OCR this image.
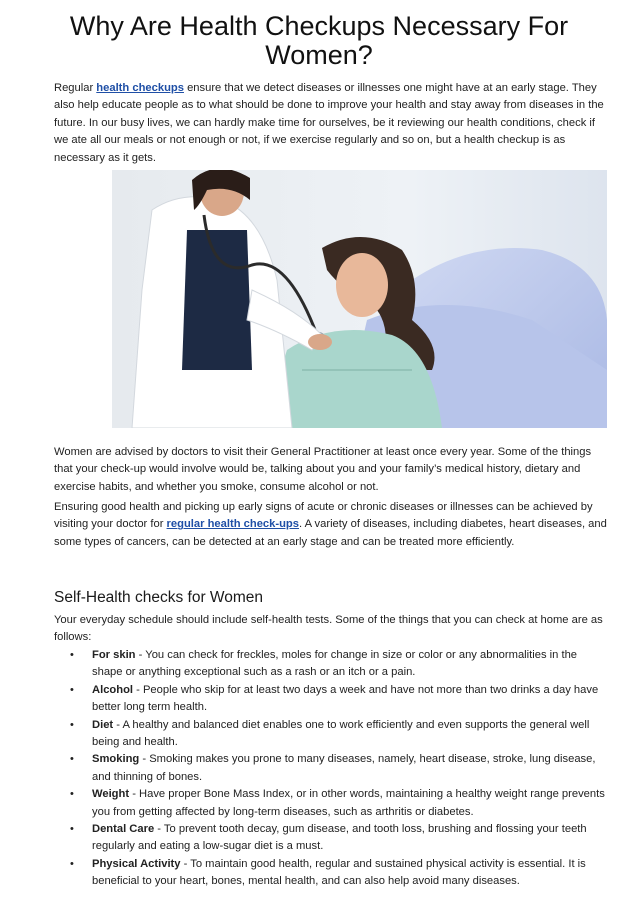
Why Are Health Checkups Necessary For Women?

Regular health checkups ensure that we detect diseases or illnesses one might have at an early stage. They also help educate people as to what should be done to improve your health and stay away from diseases in the future. In our busy lives, we can hardly make time for ourselves, be it reviewing our health conditions, check if we ate all our meals or not enough or not, if we exercise regularly and so on, but a health checkup is as necessary as it gets.

Women are advised by doctors to visit their General Practitioner at least once every year. Some of the things that your check-up would involve would be, talking about you and your family’s medical history, dietary and exercise habits, and whether you smoke, consume alcohol or not.

Ensuring good health and picking up early signs of acute or chronic diseases or illnesses can be achieved by visiting your doctor for regular health check-ups. A variety of diseases, including diabetes, heart diseases, and some types of cancers, can be detected at an early stage and can be treated more efficiently.

Self-Health checks for Women

Your everyday schedule should include self-health tests. Some of the things that you can check at home are as follows:

• For skin - You can check for freckles, moles for change in size or color or any abnormalities in the shape or anything exceptional such as a rash or an itch or a pain.
• Alcohol - People who skip for at least two days a week and have not more than two drinks a day have better long term health.
• Diet - A healthy and balanced diet enables one to work efficiently and even supports the general well being and health.
• Smoking - Smoking makes you prone to many diseases, namely, heart disease, stroke, lung disease, and thinning of bones.
• Weight - Have proper Bone Mass Index, or in other words, maintaining a healthy weight range prevents you from getting affected by long-term diseases, such as arthritis or diabetes.
• Dental Care - To prevent tooth decay, gum disease, and tooth loss, brushing and flossing your teeth regularly and eating a low-sugar diet is a must.
• Physical Activity - To maintain good health, regular and sustained physical activity is essential. It is beneficial to your heart, bones, mental health, and can also help avoid many diseases.
